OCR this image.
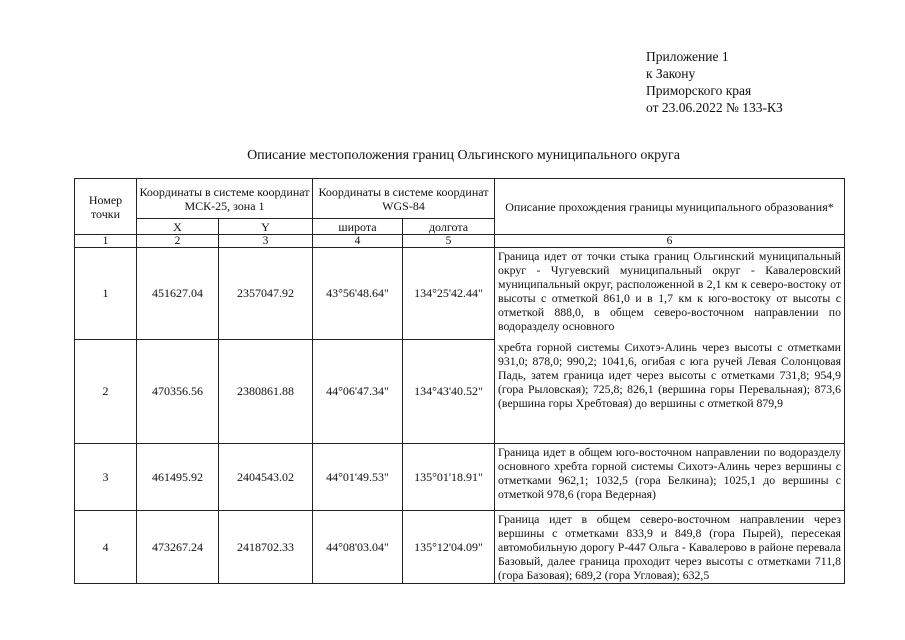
Приложение 1
к Закону
Приморского края
от 23.06.2022 № 133-КЗ
Описание местоположения границ Ольгинского муниципального округа
Номер точки	Координаты в системе координат МСК-25, зона 1		Координаты в системе координат WGS-84		Описание прохождения границы муниципального образования*
	X	Y	широта	долгота	
1	2	3	4	5	6
1	451627.04	2357047.92	43°56'48.64"	134°25'42.44"	Граница идет от точки стыка границ Ольгинский муниципальный округ - Чугуевский муниципальный округ - Кавалеровский муниципальный округ, расположенной в 2,1 км к северо-востоку от высоты с отметкой 861,0 и в 1,7 км к юго-востоку от высоты с отметкой 888,0, в общем северо-восточном направлении по водоразделу основного
2	470356.56	2380861.88	44°06'47.34"	134°43'40.52"	хребта горной системы Сихотэ-Алинь через высоты с отметками 931,0; 878,0; 990,2; 1041,6, огибая с юга ручей Левая Солонцовая Падь, затем граница идет через высоты с отметками 731,8; 954,9 (гора Рыловская); 725,8; 826,1 (вершина горы Перевальная); 873,6 (вершина горы Хребтовая) до вершины с отметкой 879,9
3	461495.92	2404543.02	44°01'49.53"	135°01'18.91"	Граница идет в общем юго-восточном направлении по водоразделу основного хребта горной системы Сихотэ-Алинь через вершины с отметками 962,1; 1032,5 (гора Белкина); 1025,1 до вершины с отметкой 978,6 (гора Ведерная)
4	473267.24	2418702.33	44°08'03.04"	135°12'04.09"	Граница идет в общем северо-восточном направлении через вершины с отметками 833,9 и 849,8 (гора Пырей), пересекая автомобильную дорогу Р-447 Ольга - Кавалерово в районе перевала Базовый, далее граница проходит через высоты с отметками 711,8 (гора Базовая); 689,2 (гора Угловая); 632,5
